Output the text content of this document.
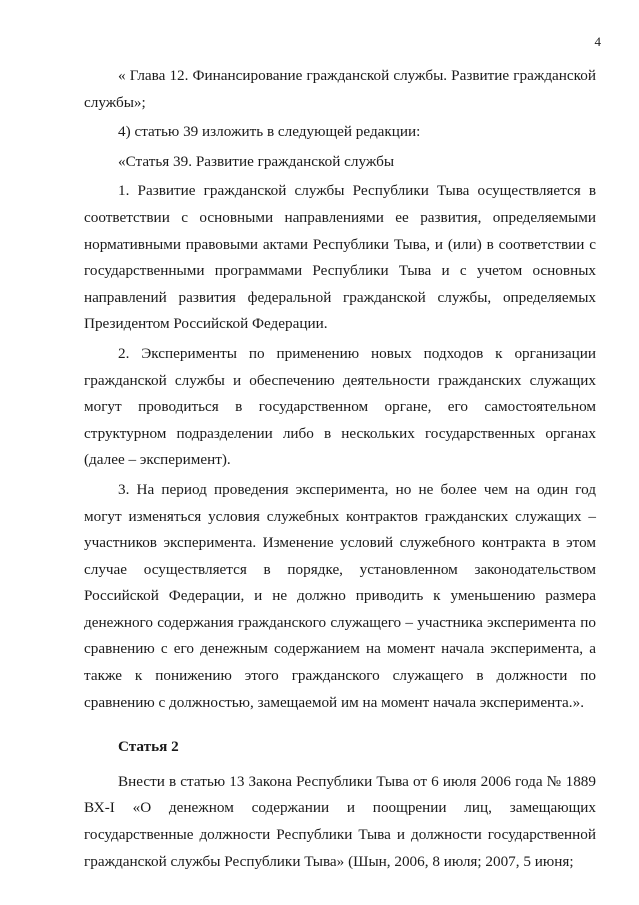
4

« Глава 12. Финансирование гражданской службы. Развитие гражданской службы»;

4) статью 39 изложить в следующей редакции:

«Статья 39. Развитие гражданской службы

1. Развитие гражданской службы Республики Тыва осуществляется в соответствии с основными направлениями ее развития, определяемыми нормативными правовыми актами Республики Тыва, и (или) в соответствии с государственными программами Республики Тыва и с учетом основных направлений развития федеральной гражданской службы, определяемых Президентом Российской Федерации.

2. Эксперименты по применению новых подходов к организации гражданской службы и обеспечению деятельности гражданских служащих могут проводиться в государственном органе, его самостоятельном структурном подразделении либо в нескольких государственных органах (далее – эксперимент).

3. На период проведения эксперимента, но не более чем на один год могут изменяться условия служебных контрактов гражданских служащих – участников эксперимента. Изменение условий служебного контракта в этом случае осуществляется в порядке, установленном законодательством Российской Федерации, и не должно приводить к уменьшению размера денежного содержания гражданского служащего – участника эксперимента по сравнению с его денежным содержанием на момент начала эксперимента, а также к понижению этого гражданского служащего в должности по сравнению с должностью, замещаемой им на момент начала эксперимента.».

Статья 2

Внести в статью 13 Закона Республики Тыва от 6 июля 2006 года № 1889 ВХ-I «О денежном содержании и поощрении лиц, замещающих государственные должности Республики Тыва и должности государственной гражданской службы Республики Тыва» (Шын, 2006, 8 июля; 2007, 5 июня;
